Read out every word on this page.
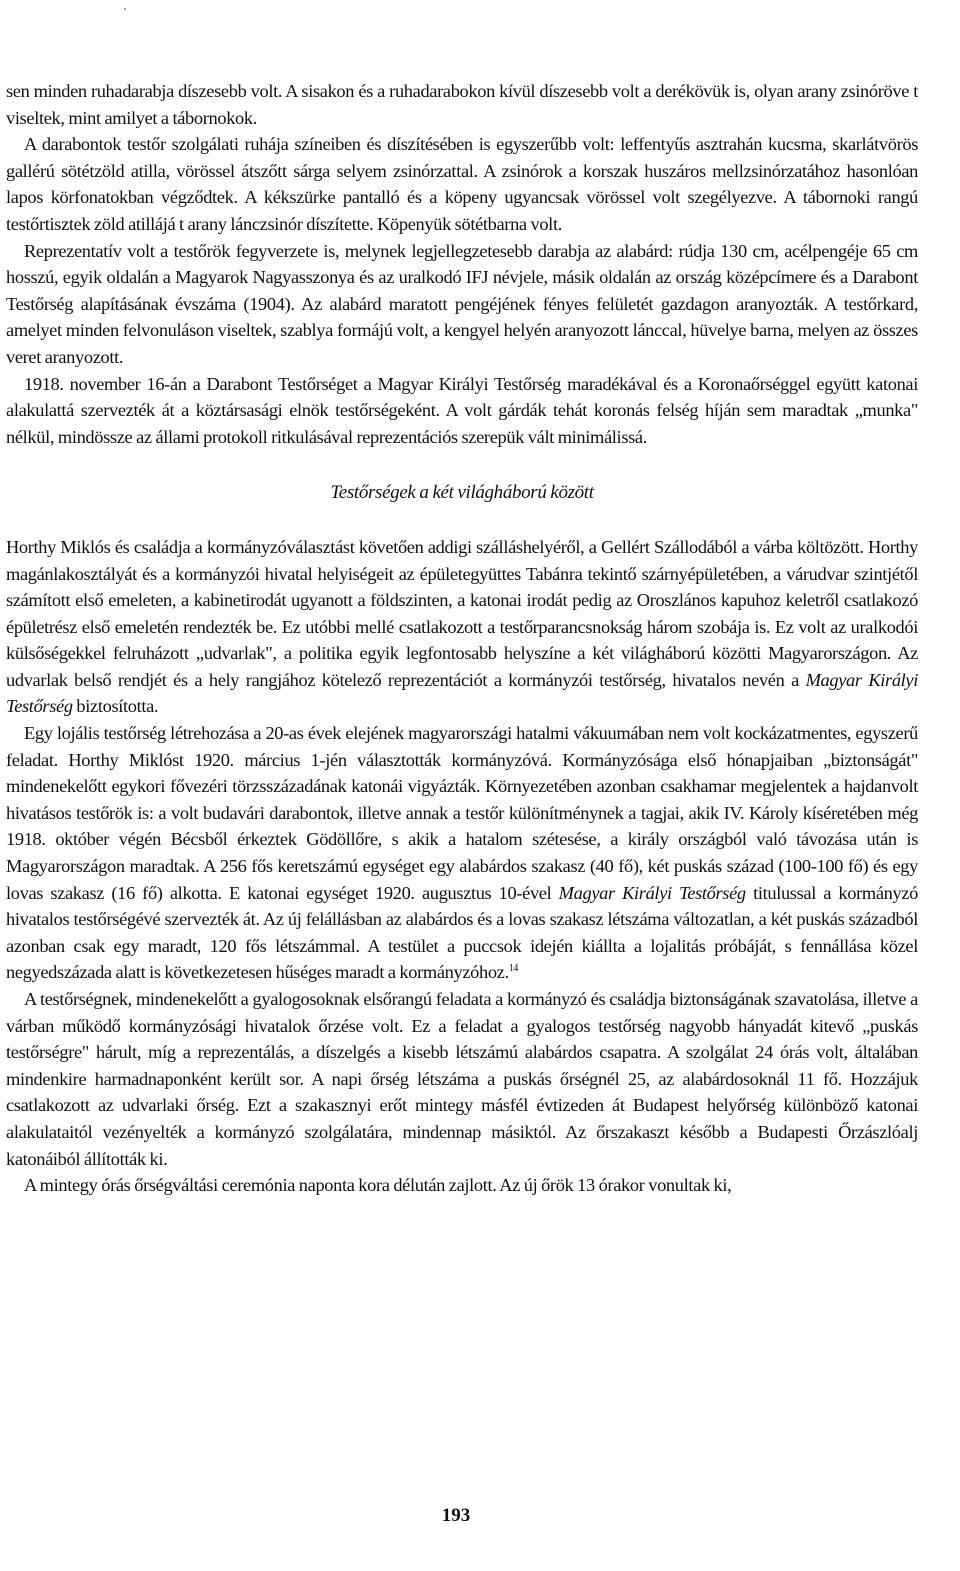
sen minden ruhadarabja díszesebb volt. A sisakon és a ruhadarabokon kívül díszesebb volt a derékövük is, olyan arany zsinóröve t viseltek, mint amilyet a tábornokok.

A darabontok testőr szolgálati ruhája színeiben és díszítésében is egyszerűbb volt: leffentyűs asztrahán kucsma, skarlátvörös gallérú sötétzöld atilla, vörössel átszőtt sárga selyem zsinórzattal. A zsinórok a korszak huszáros mellzsinórzatához hasonlóan lapos körfonatokban végződtek. A kékszürke pantalló és a köpeny ugyancsak vörössel volt szegélyezve. A tábornoki rangú testőrtisztek zöld atillájá t arany lánczsinór díszítette. Köpenyük sötétbarna volt.

Reprezentatív volt a testőrök fegyverzete is, melynek legjellegzetesebb darabja az alabárd: rúdja 130 cm, acélpengéje 65 cm hosszú, egyik oldalán a Magyarok Nagyasszonya és az uralkodó IFJ névjele, másik oldalán az ország középcímere és a Darabont Testőrség alapításának évszáma (1904). Az alabárd maratott pengéjének fényes felületét gazdagon aranyozták. A testőrkard, amelyet minden felvonuláson viseltek, szablya formájú volt, a kengyel helyén aranyozott lánccal, hüvelye barna, melyen az összes veret aranyozott.

1918. november 16-án a Darabont Testőrséget a Magyar Királyi Testőrség maradékával és a Koronaőrséggel együtt katonai alakulattá szervezték át a köztársasági elnök testőrségeként. A volt gárdák tehát koronás felség híján sem maradtak „munka" nélkül, mindössze az állami protokoll ritkulásával reprezentációs szerepük vált minimálissá.

Testőrségek a két világháború között

Horthy Miklós és családja a kormányzóválasztást követően addigi szálláshelyéről, a Gellért Szállodából a várba költözött. Horthy magánlakosztályát és a kormányzói hivatal helyiségeit az épületegyüttes Tabánra tekintő szárnyépületében, a várudvar szintjétől számított első emeleten, a kabinetirodát ugyanott a földszinten, a katonai irodát pedig az Oroszlános kapuhoz keletről csatlakozó épületrész első emeletén rendezték be. Ez utóbbi mellé csatlakozott a testőrparancsnokság három szobája is. Ez volt az uralkodói külsőségekkel felruházott „udvarlak", a politika egyik legfontosabb helyszíne a két világháború közötti Magyarországon. Az udvarlak belső rendjét és a hely rangjához kötelező reprezentációt a kormányzói testőrség, hivatalos nevén a Magyar Királyi Testőrség biztosította.

Egy lojális testőrség létrehozása a 20-as évek elejének magyarországi hatalmi vákuumában nem volt kockázatmentes, egyszerű feladat. Horthy Miklóst 1920. március 1-jén választották kormányzóvá. Kormányzósága első hónapjaiban „biztonságát" mindenekelőtt egykori fővezéri törzsszázadának katonái vigyázták. Környezetében azonban csakhamar megjelentek a hajdanvolt hivatásos testőrök is: a volt budavári darabontok, illetve annak a testőr különítménynek a tagjai, akik IV. Károly kíséretében még 1918. október végén Bécsből érkeztek Gödöllőre, s akik a hatalom szétesése, a király országból való távozása után is Magyarországon maradtak. A 256 fős keretszámú egységet egy alabárdos szakasz (40 fő), két puskás század (100-100 fő) és egy lovas szakasz (16 fő) alkotta. E katonai egységet 1920. augusztus 10-ével Magyar Királyi Testőrség titulussal a kormányzó hivatalos testőrségévé szervezték át. Az új felállásban az alabárdos és a lovas szakasz létszáma változatlan, a két puskás századból azonban csak egy maradt, 120 fős létszámmal. A testület a puccsok idején kiállta a lojalitás próbáját, s fennállása közel negyedszázada alatt is következetesen hűséges maradt a kormányzóhoz.$^{14}$

A testőrségnek, mindenekelőtt a gyalogosoknak elsőrangú feladata a kormányzó és családja biztonságának szavatolása, illetve a várban működő kormányzósági hivatalok őrzése volt. Ez a feladat a gyalogos testőrség nagyobb hányadát kitevő „puskás testőrségre" hárult, míg a reprezentálás, a díszelgés a kisebb létszámú alabárdos csapatra. A szolgálat 24 órás volt, általában mindenkire harmadnaponként került sor. A napi őrség létszáma a puskás őrségnél 25, az alabárdosoknál 11 fő. Hozzájuk csatlakozott az udvarlaki őrség. Ezt a szakasznyi erőt mintegy másfél évtizeden át Budapest helyőrség különböző katonai alakulataitól vezényelték a kormányzó szolgálatára, mindennap másiktól. Az őrszakaszt később a Budapesti Őrzászlóalj katonáiból állították ki.

A mintegy órás őrségváltási ceremónia naponta kora délután zajlott. Az új őrök 13 órakor vonultak ki,

193
